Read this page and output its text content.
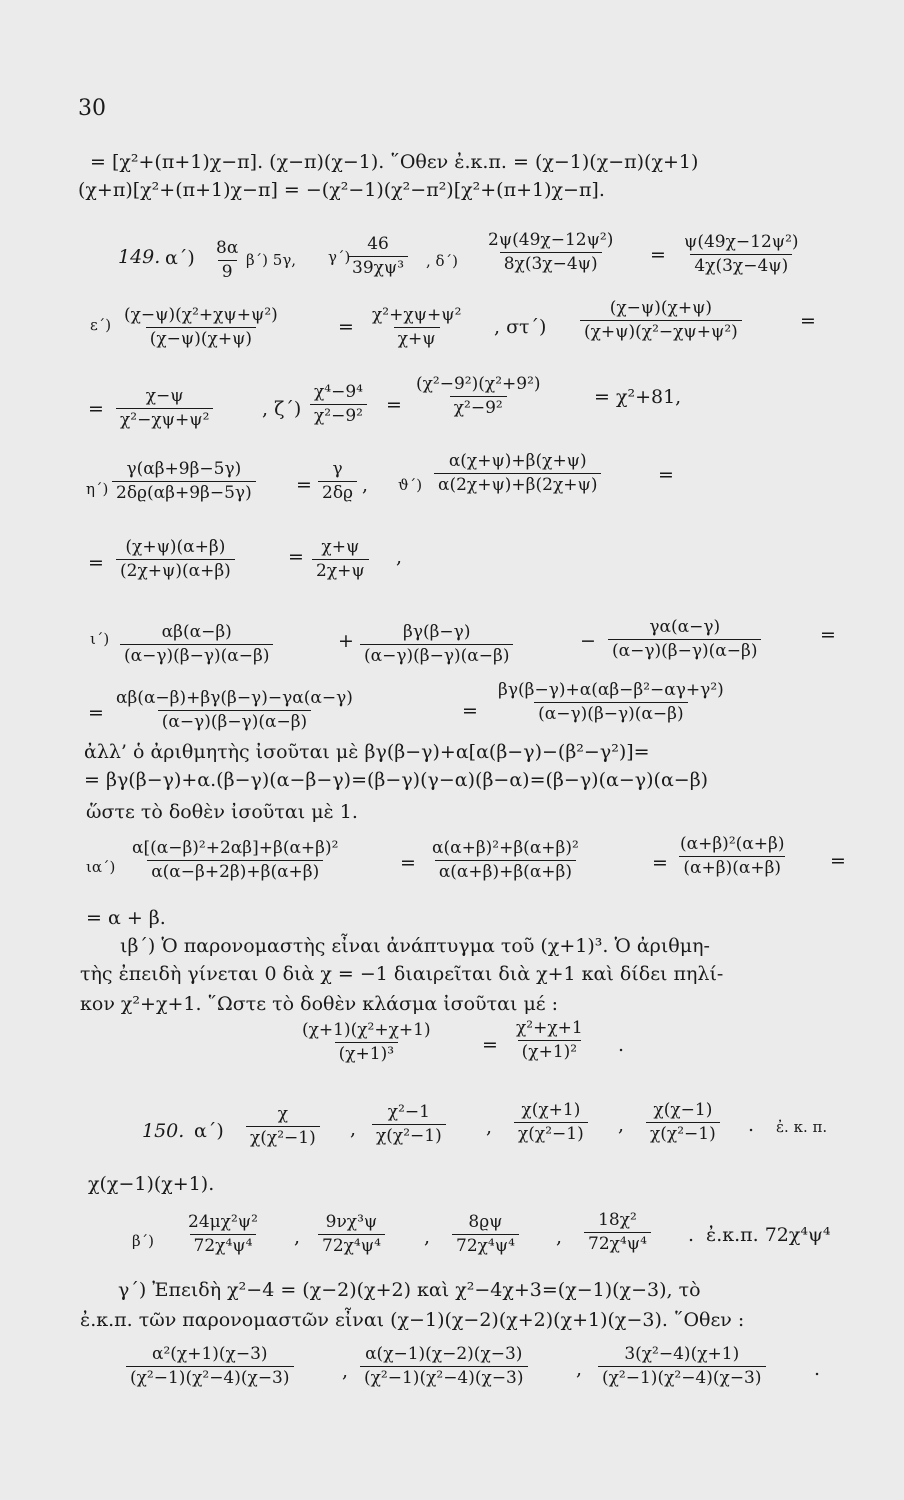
30
= [χ²+(π+1)χ−π]. (χ−π)(χ−1). ῞Οθεν ἐ.κ.π. = (χ−1)(χ−π)(χ+1)
(χ+π)[χ²+(π+1)χ−π] = −(χ²−1)(χ²−π²)[χ²+(π+1)χ−π].
149. $\alpha΄) \frac{8\alpha}{9} \beta΄$) 5γ, γ΄)
$\frac{46}{\text{39χψ³}}$ , $\delta΄) \frac{\text{2ψ(49χ−12ψ²)}}{8\chi(3\chi-4\psi)} = \frac{\text{ψ(49χ−12ψ²)}}{4\chi(3\chi-4\psi)}$
$\varepsilon΄) \frac{\text{(χ−ψ)(χ²+χψ+ψ²)}}{(\chi-\psi)(\chi+\psi)}$	= $\frac{\text{χ²+χψ+ψ²}}{\chi+\psi}$ , $\sigma\tau΄) \frac{(\chi-\psi)(\chi+\psi)}{\text{(χ+ψ)(χ²−χψ+ψ²)}}$	=
= $\frac{\chi-\psi}{\text{χ²−χψ+ψ²}}$	, $\zeta΄) \frac{\text{χ⁴−9⁴}}{\text{χ²−9²}} = \frac{\text{(χ²−9²)(χ²+9²)}}{\text{χ²−9²}}$	= χ²+81,
$\eta΄) \frac{\gamma(\alpha\beta+9\beta-5\gamma)}{2\delta ϱ(\alpha\beta+9\beta-5\gamma)} = \frac{\gamma}{2\delta ϱ}$ , $ϑ΄) \frac{\alpha(\chi+\psi)+\beta(\chi+\psi)}{\alpha(2\chi+\psi)+\beta(2\chi+\psi)}$	=
= $\frac{(\chi+\psi)(\alpha+\beta)}{(2\chi+\psi)(\alpha+\beta)}$	= $\frac{\chi+\psi}{2\chi+\psi}$ ,
$\iota΄) \frac{\alpha\beta(\alpha-\beta)}{(\alpha-\gamma)(\beta-\gamma)(\alpha-\beta)}$	+ $\frac{\beta\gamma(\beta-\gamma)}{(\alpha-\gamma)(\beta-\gamma)(\alpha-\beta)}$	− $\frac{\gamma\alpha(\alpha-\gamma)}{(\alpha-\gamma)(\beta-\gamma)(\alpha-\beta)}$	=
= $\frac{\alpha\beta(\alpha-\beta)+\beta\gamma(\beta-\gamma)-\gamma\alpha(\alpha-\gamma)}{(\alpha-\gamma)(\beta-\gamma)(\alpha-\beta)}$	= $\frac{\text{βγ(β−γ)+α(αβ−β²−αγ+γ²)}}{(\alpha-\gamma)(\beta-\gamma)(\alpha-\beta)}$
ἀλλ’ ὁ ἀριθμητὴς ἰσοῦται μὲ βγ(β−γ)+α[α(β−γ)−(β²−γ²)]=
= βγ(β−γ)+α.(β−γ)(α−β−γ)=(β−γ)(γ−α)(β−α)=(β−γ)(α−γ)(α−β)
ὥστε τὸ δοθὲν ἰσοῦται μὲ 1.
$\iota\alpha΄) \frac{\text{α[(α−β)²+2αβ]+β(α+β)²}}{\alpha(\alpha-\beta+2\beta)+\beta(\alpha+\beta)}$	= $\frac{\text{α(α+β)²+β(α+β)²}}{\alpha(\alpha+\beta)+\beta(\alpha+\beta)}$	= $\frac{\text{(α+β)²(α+β)}}{(\alpha+\beta)(\alpha+\beta)}$ =
= α + β.
ιβ΄) Ὁ παρονομαστὴς εἶναι ἀνάπτυγμα τοῦ (χ+1)³. Ὁ ἀριθμη-
τὴς ἐπειδὴ γίνεται 0 διὰ χ = −1 διαιρεῖται διὰ χ+1 καὶ δίδει πηλί-
κον χ²+χ+1. ῞Ωστε τὸ δοθὲν κλάσμα ἰσοῦται μέ :
$\frac{\text{(χ+1)(χ²+χ+1)}}{\text{(χ+1)³}} = \frac{\text{χ²+χ+1}}{\text{(χ+1)²}}$ .
150. $\alpha΄) \frac{\chi}{\text{χ(χ²−1)}}$ , $\frac{\text{χ²−1}}{\text{χ(χ²−1)}}$ , $\frac{\chi(\chi+1)}{\text{χ(χ²−1)}}$ , $\frac{\chi(\chi-1)}{\text{χ(χ²−1)}}$ . ἐ. κ. π.
χ(χ−1)(χ+1).
$\beta΄) \frac{\text{24μχ²ψ²}}{\text{72χ⁴ψ⁴}}$ , $\frac{\text{9νχ³ψ}}{\text{72χ⁴ψ⁴}}$ , $\frac{8ϱ\psi}{\text{72χ⁴ψ⁴}}$ , $\frac{\text{18χ²}}{\text{72χ⁴ψ⁴}}$ . ἐ.κ.π. 72χ⁴ψ⁴
γ΄) Ἐπειδὴ χ²−4 = (χ−2)(χ+2) καὶ χ²−4χ+3=(χ−1)(χ−3), τὸ
ἐ.κ.π. τῶν παρονομαστῶν εἶναι (χ−1)(χ−2)(χ+2)(χ+1)(χ−3). ῞Οθεν :
$\frac{\text{α²(χ+1)(χ−3)}}{\text{(χ²−1)(χ²−4)(χ−3)}}$	, $\frac{\alpha(\chi-1)(\chi-2)(\chi-3)}{\text{(χ²−1)(χ²−4)(χ−3)}}$	, $\frac{\text{3(χ²−4)(χ+1)}}{\text{(χ²−1)(χ²−4)(χ−3)}}$	.
